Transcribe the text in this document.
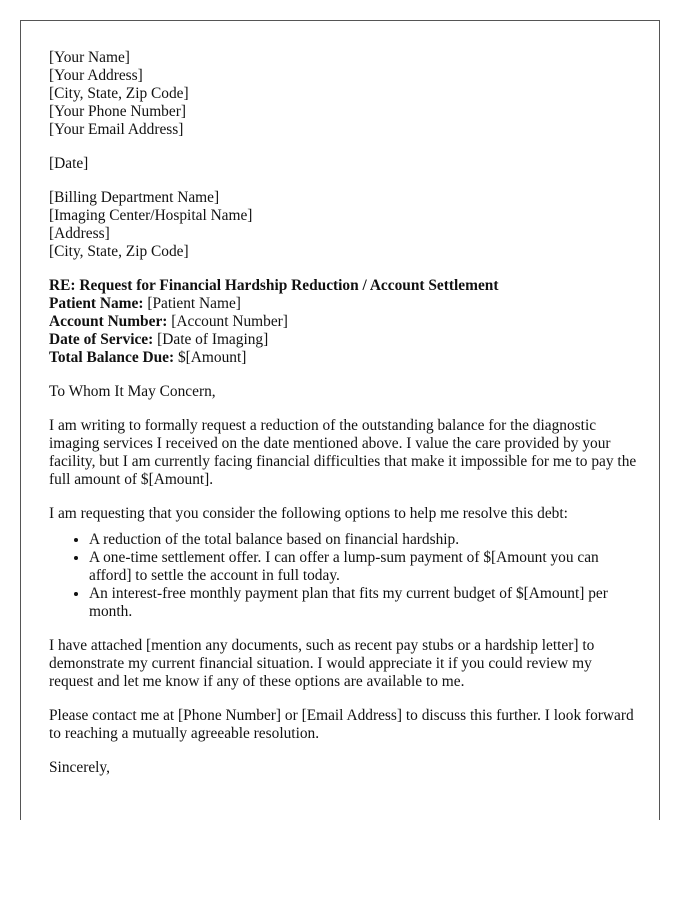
[Your Name]
[Your Address]
[City, State, Zip Code]
[Your Phone Number]
[Your Email Address]
[Date]
[Billing Department Name]
[Imaging Center/Hospital Name]
[Address]
[City, State, Zip Code]
RE: Request for Financial Hardship Reduction / Account Settlement
Patient Name: [Patient Name]
Account Number: [Account Number]
Date of Service: [Date of Imaging]
Total Balance Due: $[Amount]

To Whom It May Concern,

I am writing to formally request a reduction of the outstanding balance for the diagnostic imaging services I received on the date mentioned above. I value the care provided by your facility, but I am currently facing financial difficulties that make it impossible for me to pay the full amount of $[Amount].

I am requesting that you consider the following options to help me resolve this debt:

• A reduction of the total balance based on financial hardship.
• A one-time settlement offer. I can offer a lump-sum payment of $[Amount you can afford] to settle the account in full today.
• An interest-free monthly payment plan that fits my current budget of $[Amount] per month.

I have attached [mention any documents, such as recent pay stubs or a hardship letter] to demonstrate my current financial situation. I would appreciate it if you could review my request and let me know if any of these options are available to me.

Please contact me at [Phone Number] or [Email Address] to discuss this further. I look forward to reaching a mutually agreeable resolution.

Sincerely,
